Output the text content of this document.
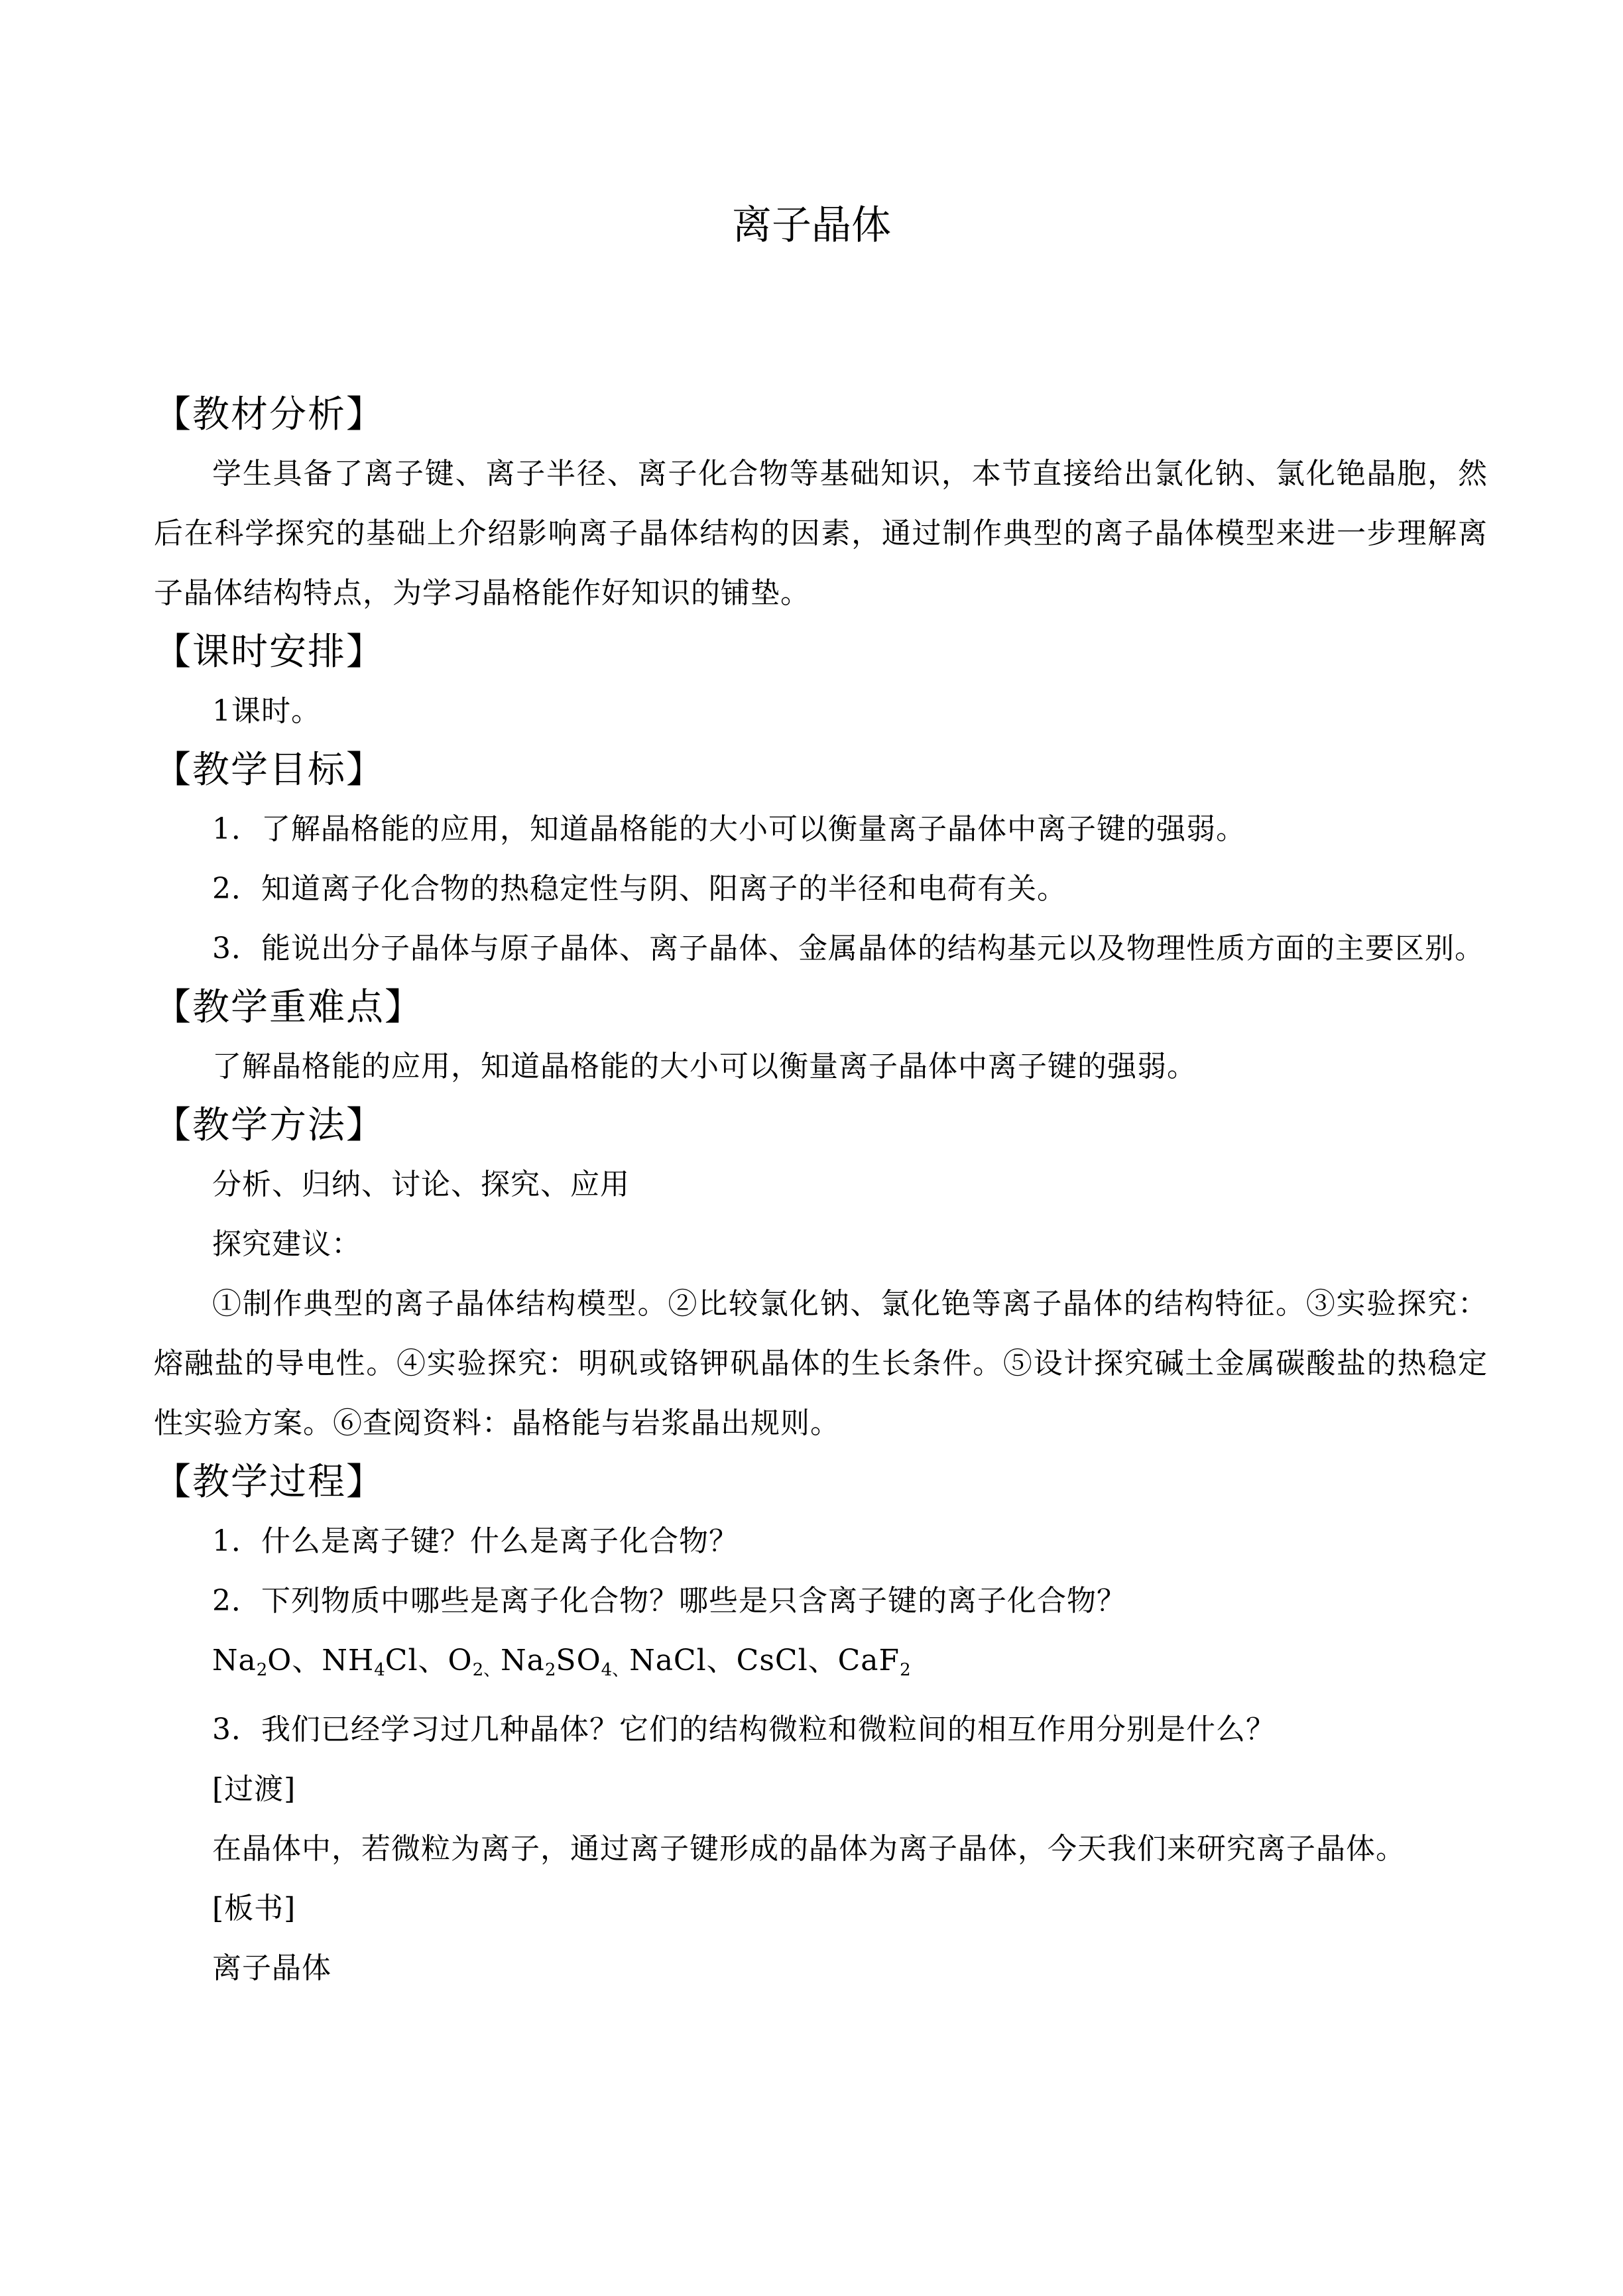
离子晶体

【教材分析】

学生具备了离子键、离子半径、离子化合物等基础知识，本节直接给出氯化钠、氯化铯晶胞，然后在科学探究的基础上介绍影响离子晶体结构的因素，通过制作典型的离子晶体模型来进一步理解离子晶体结构特点，为学习晶格能作好知识的铺垫。

【课时安排】

1课时。

【教学目标】

1．了解晶格能的应用，知道晶格能的大小可以衡量离子晶体中离子键的强弱。

2．知道离子化合物的热稳定性与阴、阳离子的半径和电荷有关。

3．能说出分子晶体与原子晶体、离子晶体、金属晶体的结构基元以及物理性质方面的主要区别。

【教学重难点】

了解晶格能的应用，知道晶格能的大小可以衡量离子晶体中离子键的强弱。

【教学方法】

分析、归纳、讨论、探究、应用

探究建议：

①制作典型的离子晶体结构模型。②比较氯化钠、氯化铯等离子晶体的结构特征。③实验探究：熔融盐的导电性。④实验探究：明矾或铬钾矾晶体的生长条件。⑤设计探究碱土金属碳酸盐的热稳定性实验方案。⑥查阅资料：晶格能与岩浆晶出规则。

【教学过程】

1．什么是离子键？什么是离子化合物？

2．下列物质中哪些是离子化合物？哪些是只含离子键的离子化合物？

$Na_2O$、$NH_4Cl$、$O_{2、}Na_2SO_{4、}NaCl$、CsCl、CaF$_2$

3．我们已经学习过几种晶体？它们的结构微粒和微粒间的相互作用分别是什么？

[过渡]

在晶体中，若微粒为离子，通过离子键形成的晶体为离子晶体，今天我们来研究离子晶体。

[板书]

离子晶体
